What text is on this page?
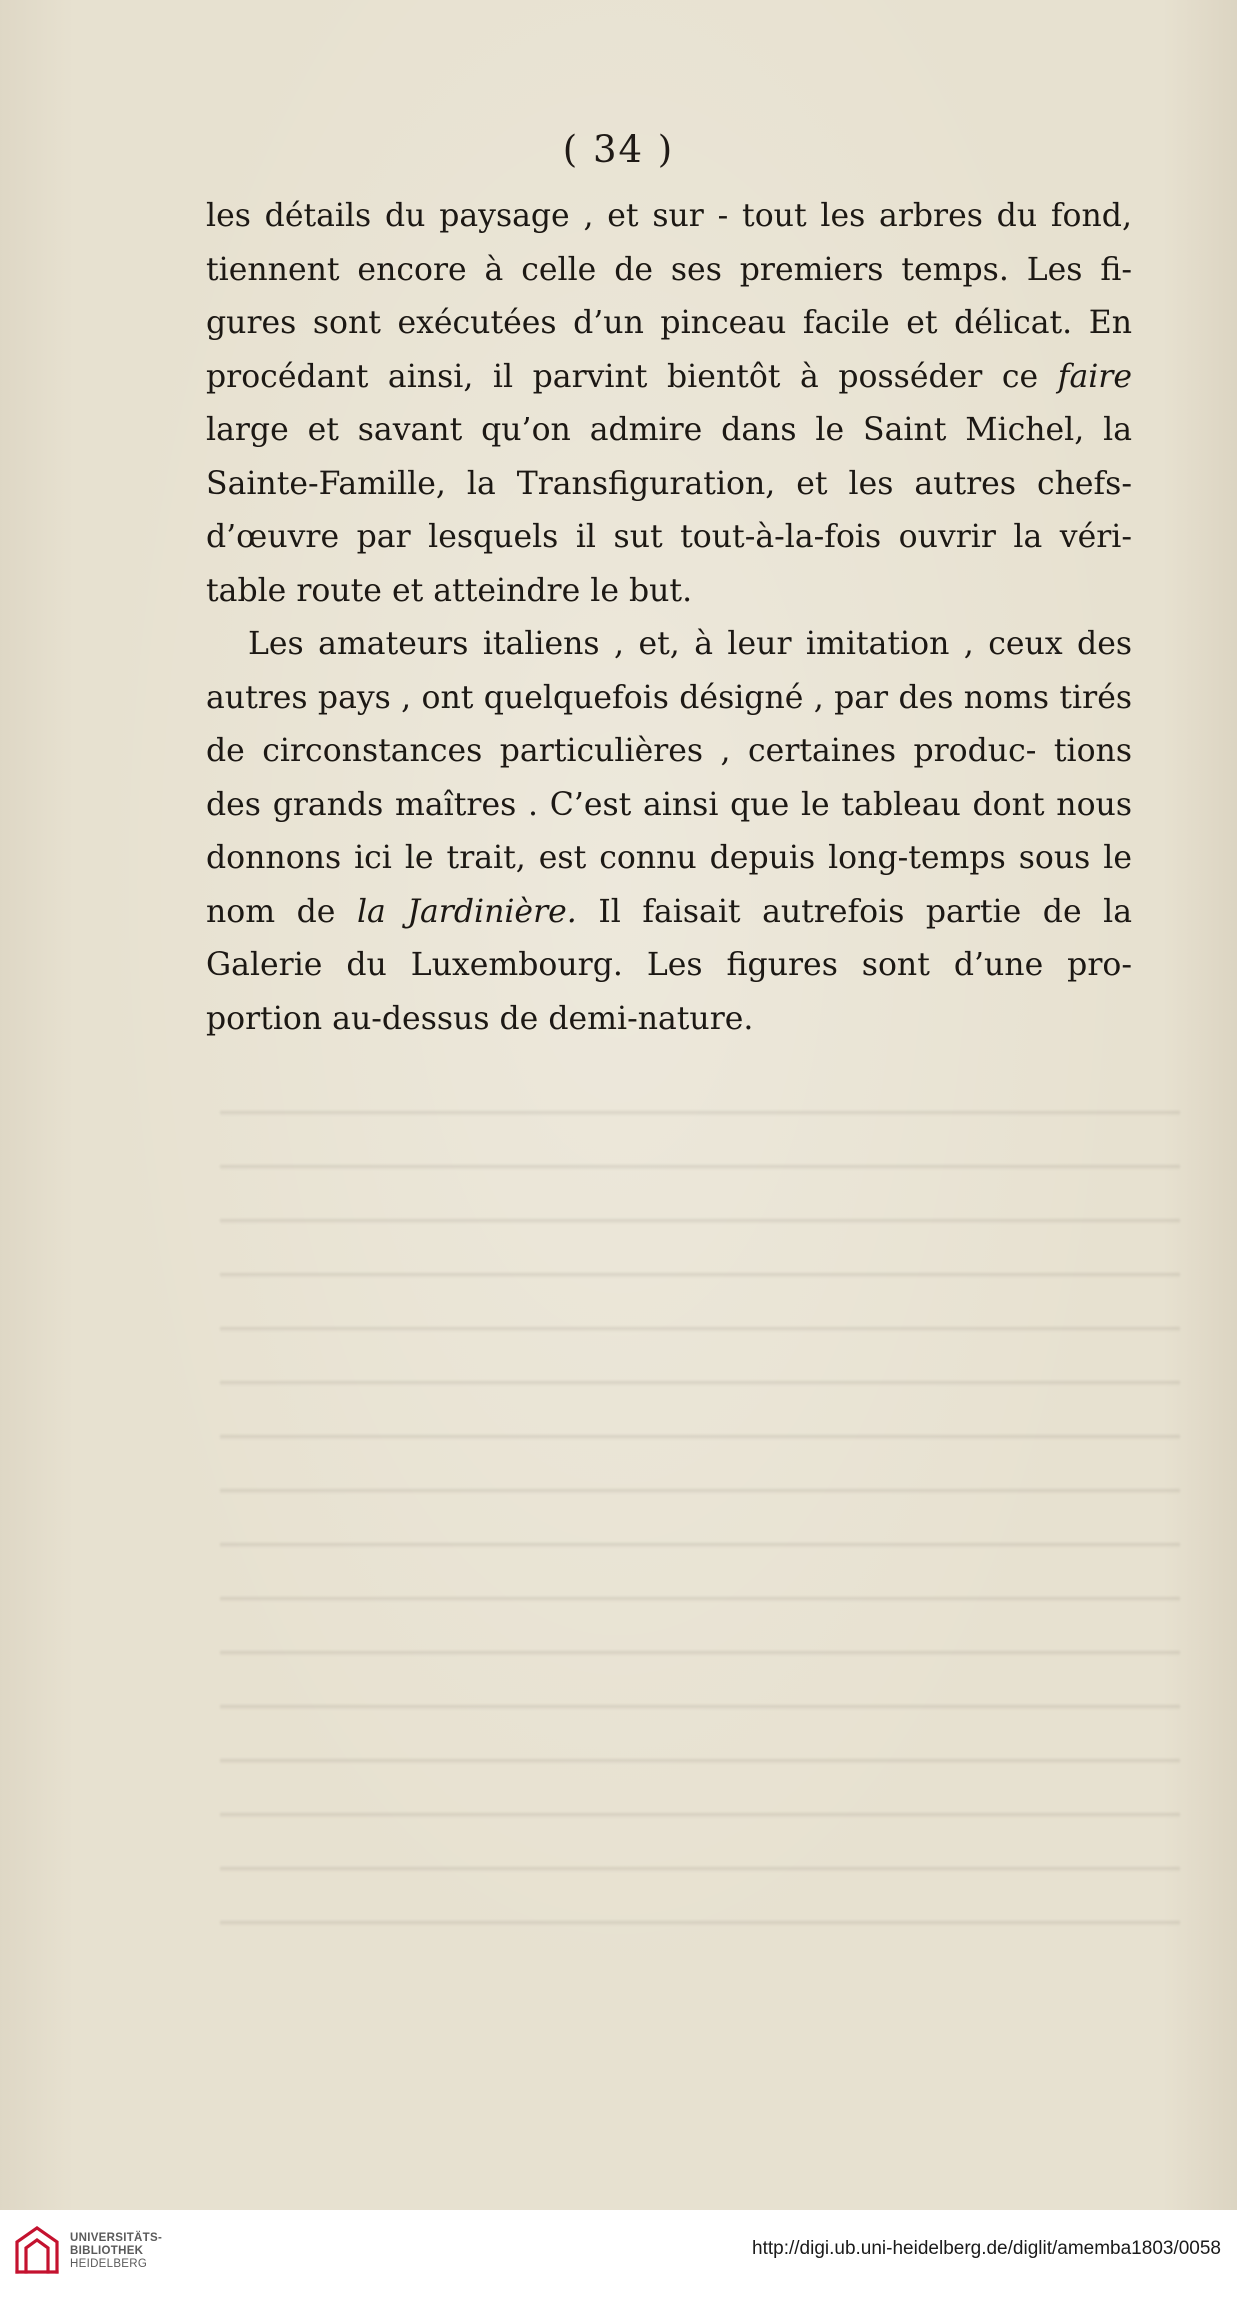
( 34 )

les détails du paysage , et sur - tout les arbres du fond, tiennent encore à celle de ses premiers temps. Les fi- gures sont exécutées d’un pinceau facile et délicat. En procédant ainsi, il parvint bientôt à posséder ce faire large et savant qu’on admire dans le Saint Michel, la Sainte-Famille, la Transfiguration, et les autres chefs- d’œuvre par lesquels il sut tout-à-la-fois ouvrir la véri- table route et atteindre le but.

Les amateurs italiens , et, à leur imitation , ceux des autres pays , ont quelquefois désigné , par des noms tirés de circonstances particulières , certaines produc- tions des grands maîtres . C’est ainsi que le tableau dont nous donnons ici le trait, est connu depuis long-temps sous le nom de la Jardinière. Il faisait autrefois partie de la Galerie du Luxembourg. Les figures sont d’une pro- portion au-dessus de demi-nature.

UNIVERSITÄTS-
BIBLIOTHEK
HEIDELBERG
http://digi.ub.uni-heidelberg.de/diglit/amemba1803/0058
